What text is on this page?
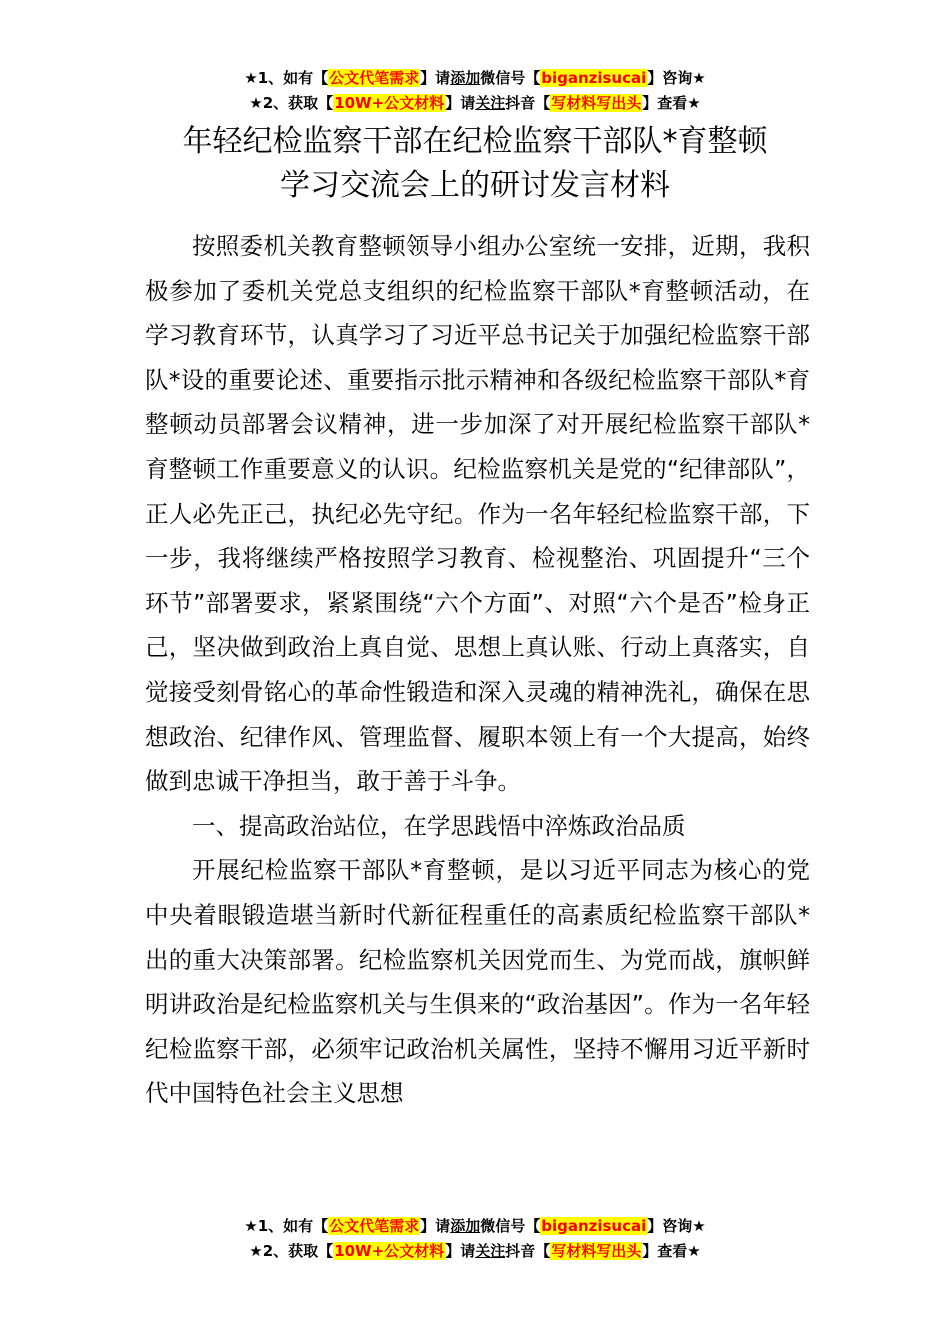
★1、如有【公文代笔需求】请添加微信号【biganzisucai】咨询★
★2、获取【10W+公文材料】请关注抖音【写材料写出头】查看★
年轻纪检监察干部在纪检监察干部队*育整顿
学习交流会上的研讨发言材料

按照委机关教育整顿领导小组办公室统一安排，近期，我积极参加了委机关党总支组织的纪检监察干部队*育整顿活动，在学习教育环节，认真学习了习近平总书记关于加强纪检监察干部队*设的重要论述、重要指示批示精神和各级纪检监察干部队*育整顿动员部署会议精神，进一步加深了对开展纪检监察干部队*育整顿工作重要意义的认识。纪检监察机关是党的“纪律部队”，正人必先正己，执纪必先守纪。作为一名年轻纪检监察干部，下一步，我将继续严格按照学习教育、检视整治、巩固提升“三个环节”部署要求，紧紧围绕“六个方面”、对照“六个是否”检身正己，坚决做到政治上真自觉、思想上真认账、行动上真落实，自觉接受刻骨铭心的革命性锻造和深入灵魂的精神洗礼，确保在思想政治、纪律作风、管理监督、履职本领上有一个大提高，始终做到忠诚干净担当，敢于善于斗争。

一、提高政治站位，在学思践悟中淬炼政治品质

开展纪检监察干部队*育整顿，是以习近平同志为核心的党中央着眼锻造堪当新时代新征程重任的高素质纪检监察干部队*出的重大决策部署。纪检监察机关因党而生、为党而战，旗帜鲜明讲政治是纪检监察机关与生俱来的“政治基因”。作为一名年轻纪检监察干部，必须牢记政治机关属性，坚持不懈用习近平新时代中国特色社会主义思想

★1、如有【公文代笔需求】请添加微信号【biganzisucai】咨询★
★2、获取【10W+公文材料】请关注抖音【写材料写出头】查看★
